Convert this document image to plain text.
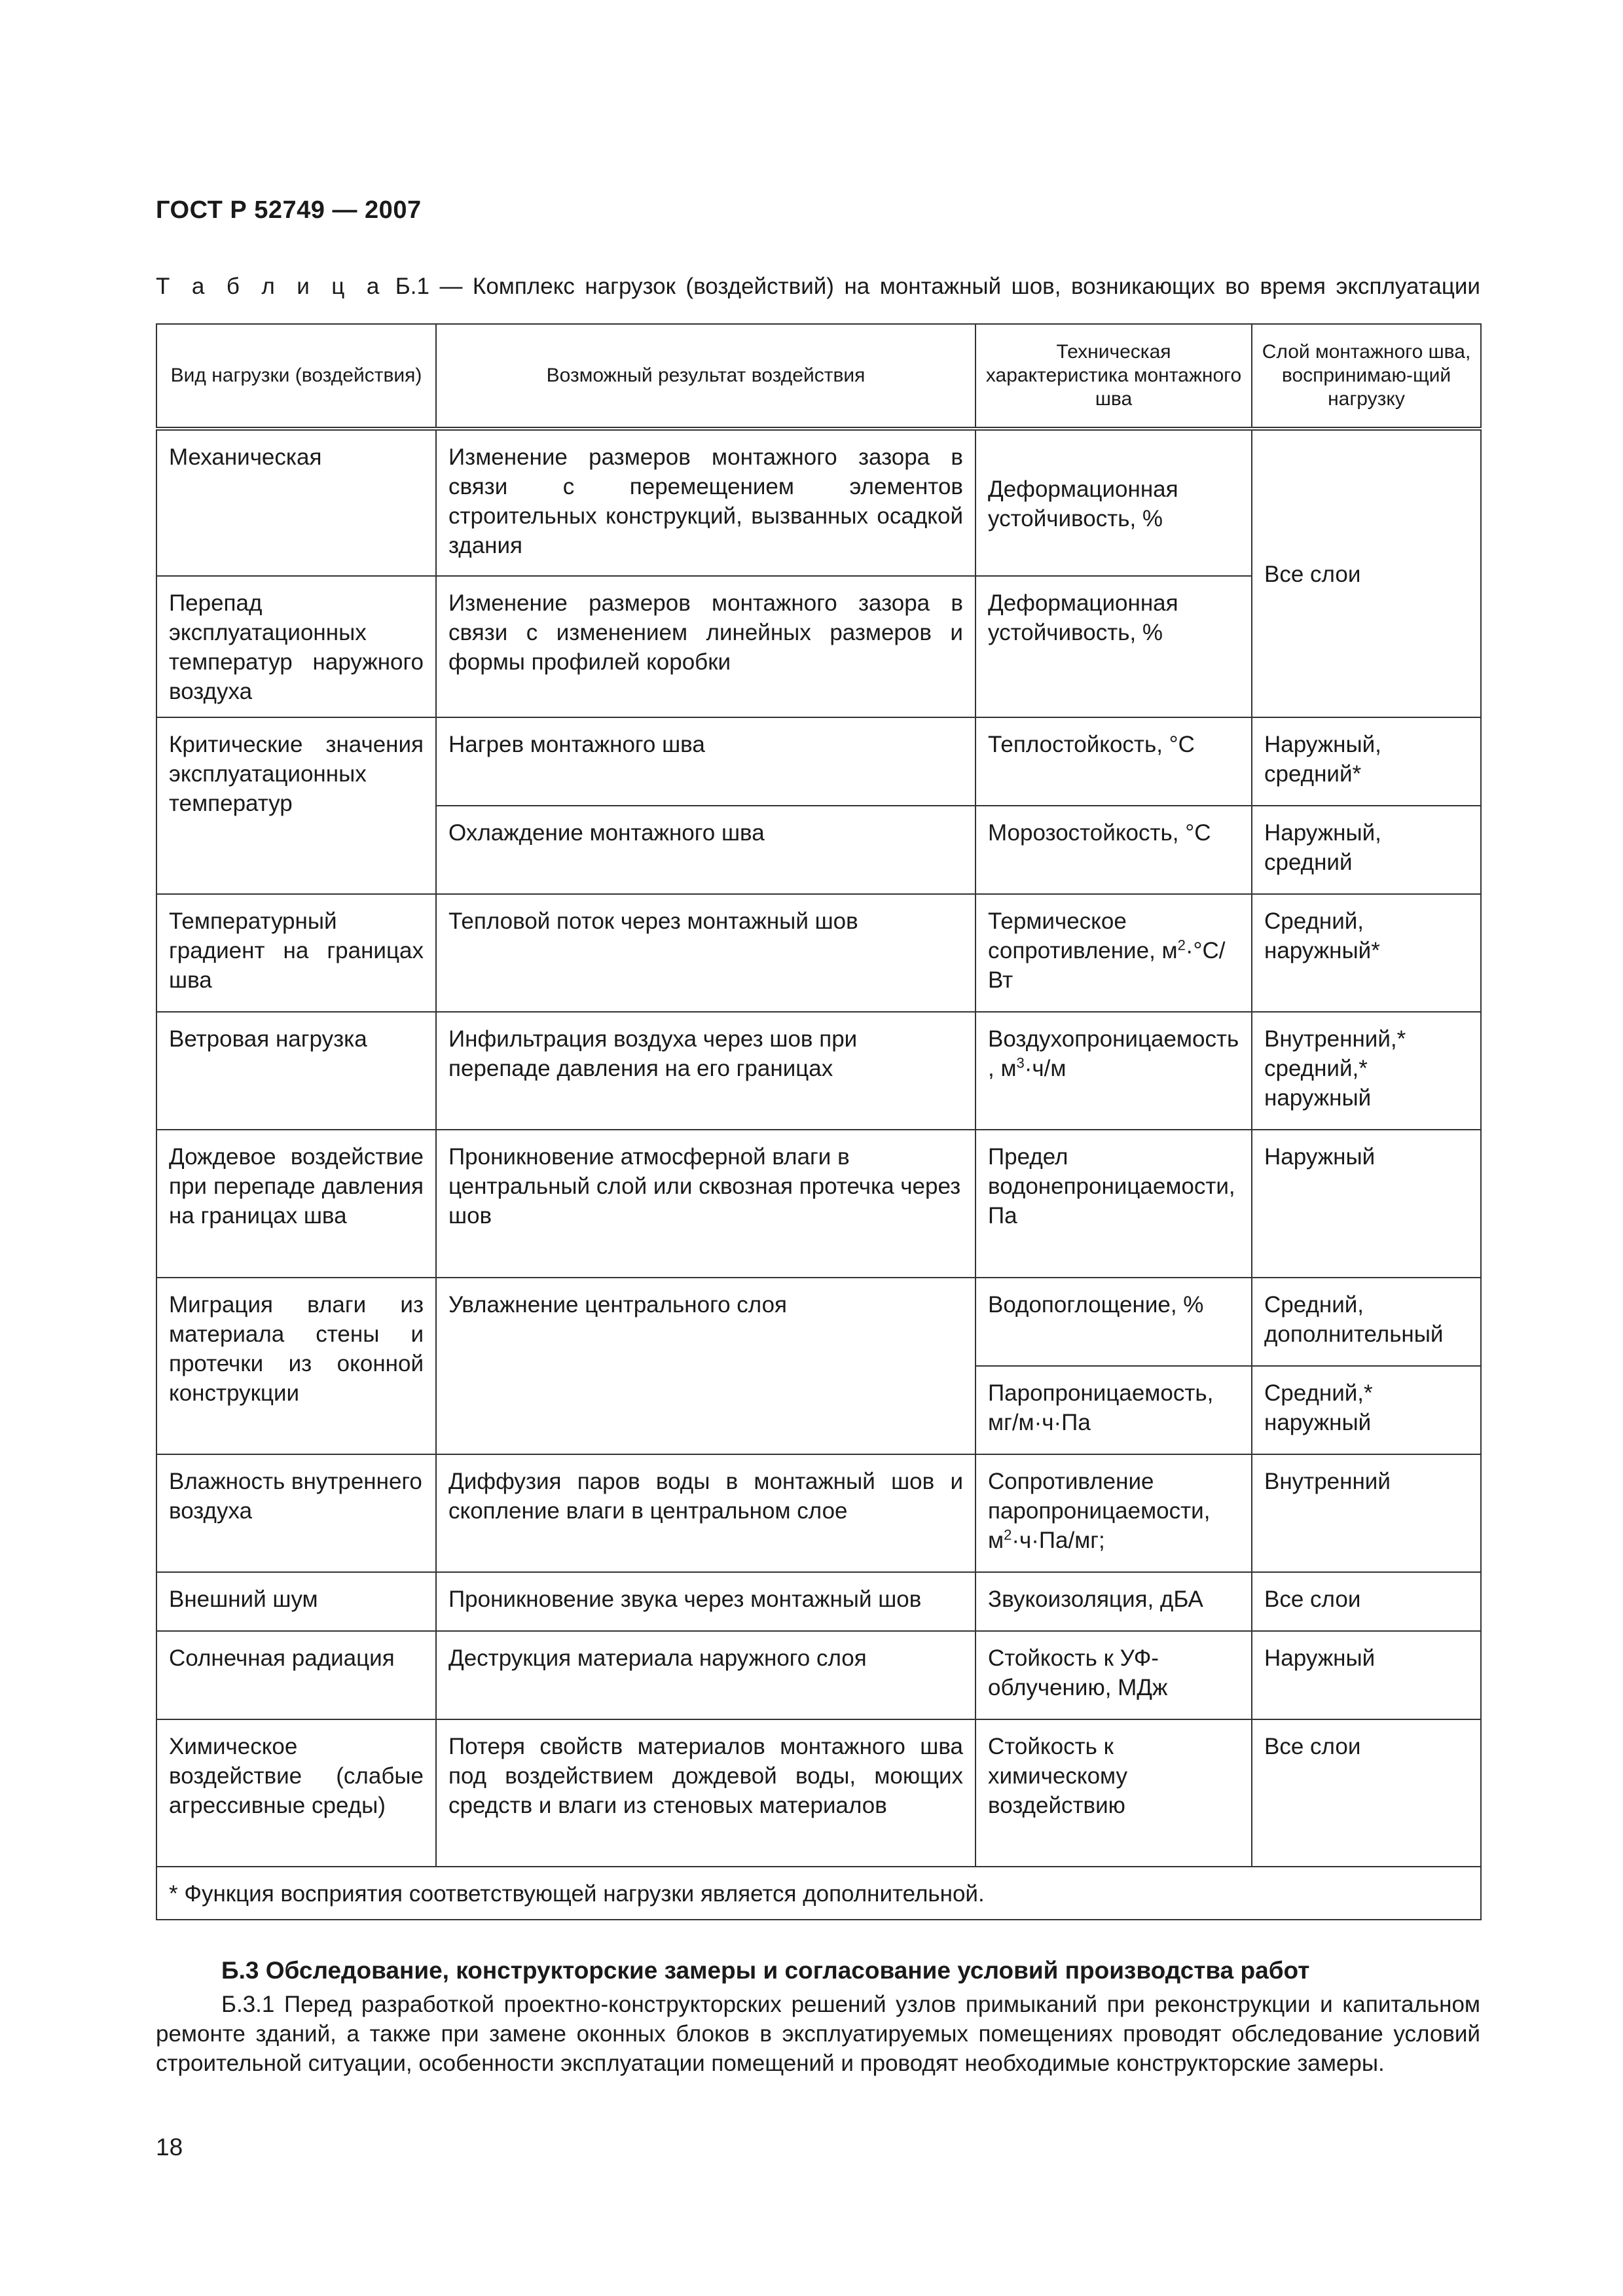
ГОСТ Р 52749 — 2007
Т а б л и ц а Б.1 — Комплекс нагрузок (воздействий) на монтажный шов, возникающих во время эксплуатации
Вид нагрузки (воздействия)	Возможный результат воздействия	Техническая характеристика монтажного шва	Слой монтажного шва, воспринимаю-щий нагрузку
Механическая	Изменение размеров монтажного зазора в связи с перемещением элементов строительных конструкций, вызванных осадкой здания	Деформационная устойчивость, %	Все слои
Перепад эксплуатационных температур наружного воздуха	Изменение размеров монтажного зазора в связи с изменением линейных размеров и формы профилей коробки	Деформационная устойчивость, %	
Критические значения эксплуатационных температур	Нагрев монтажного шва	Теплостойкость, °С	Наружный, средний*
	Охлаждение монтажного шва	Морозостойкость, °С	Наружный, средний
Температурный градиент на границах шва	Тепловой поток через монтажный шов	Термическое сопротивление, $м^2\cdot^\circ С/Вт$	Средний, наружный*
Ветровая нагрузка	Инфильтрация воздуха через шов при перепаде давления на его границах	Воздухопроницаемость, $м^3\cdot ч/м$	Внутренний,* средний,* наружный
Дождевое воздействие при перепаде давления на границах шва	Проникновение атмосферной влаги в центральный слой или сквозная протечка через шов	Предел водонепроницаемости, Па	Наружный
Миграция влаги из материала стены и протечки из оконной конструкции	Увлажнение центрального слоя	Водопоглощение, %	Средний, дополнительный
		Паропроницаемость, мг/м·ч·Па	Средний,* наружный
Влажность внутреннего воздуха	Диффузия паров воды в монтажный шов и скопление влаги в центральном слое	Сопротивление паропроницаемости, $м^2\cdot ч\cdot Па/мг$;	Внутренний
Внешний шум	Проникновение звука через монтажный шов	Звукоизоляция, дБА	Все слои
Солнечная радиация	Деструкция материала наружного слоя	Стойкость к УФ-облучению, МДж	Наружный
Химическое воздействие (слабые агрессивные среды)	Потеря свойств материалов монтажного шва под воздействием дождевой воды, моющих средств и влаги из стеновых материалов	Стойкость к химическому воздействию	Все слои
* Функция восприятия соответствующей нагрузки является дополнительной.			
Б.3 Обследование, конструкторские замеры и согласование условий производства работ
Б.3.1 Перед разработкой проектно-конструкторских решений узлов примыканий при реконструкции и капитальном ремонте зданий, а также при замене оконных блоков в эксплуатируемых помещениях проводят обследование условий строительной ситуации, особенности эксплуатации помещений и проводят необходимые конструкторские замеры.
18
